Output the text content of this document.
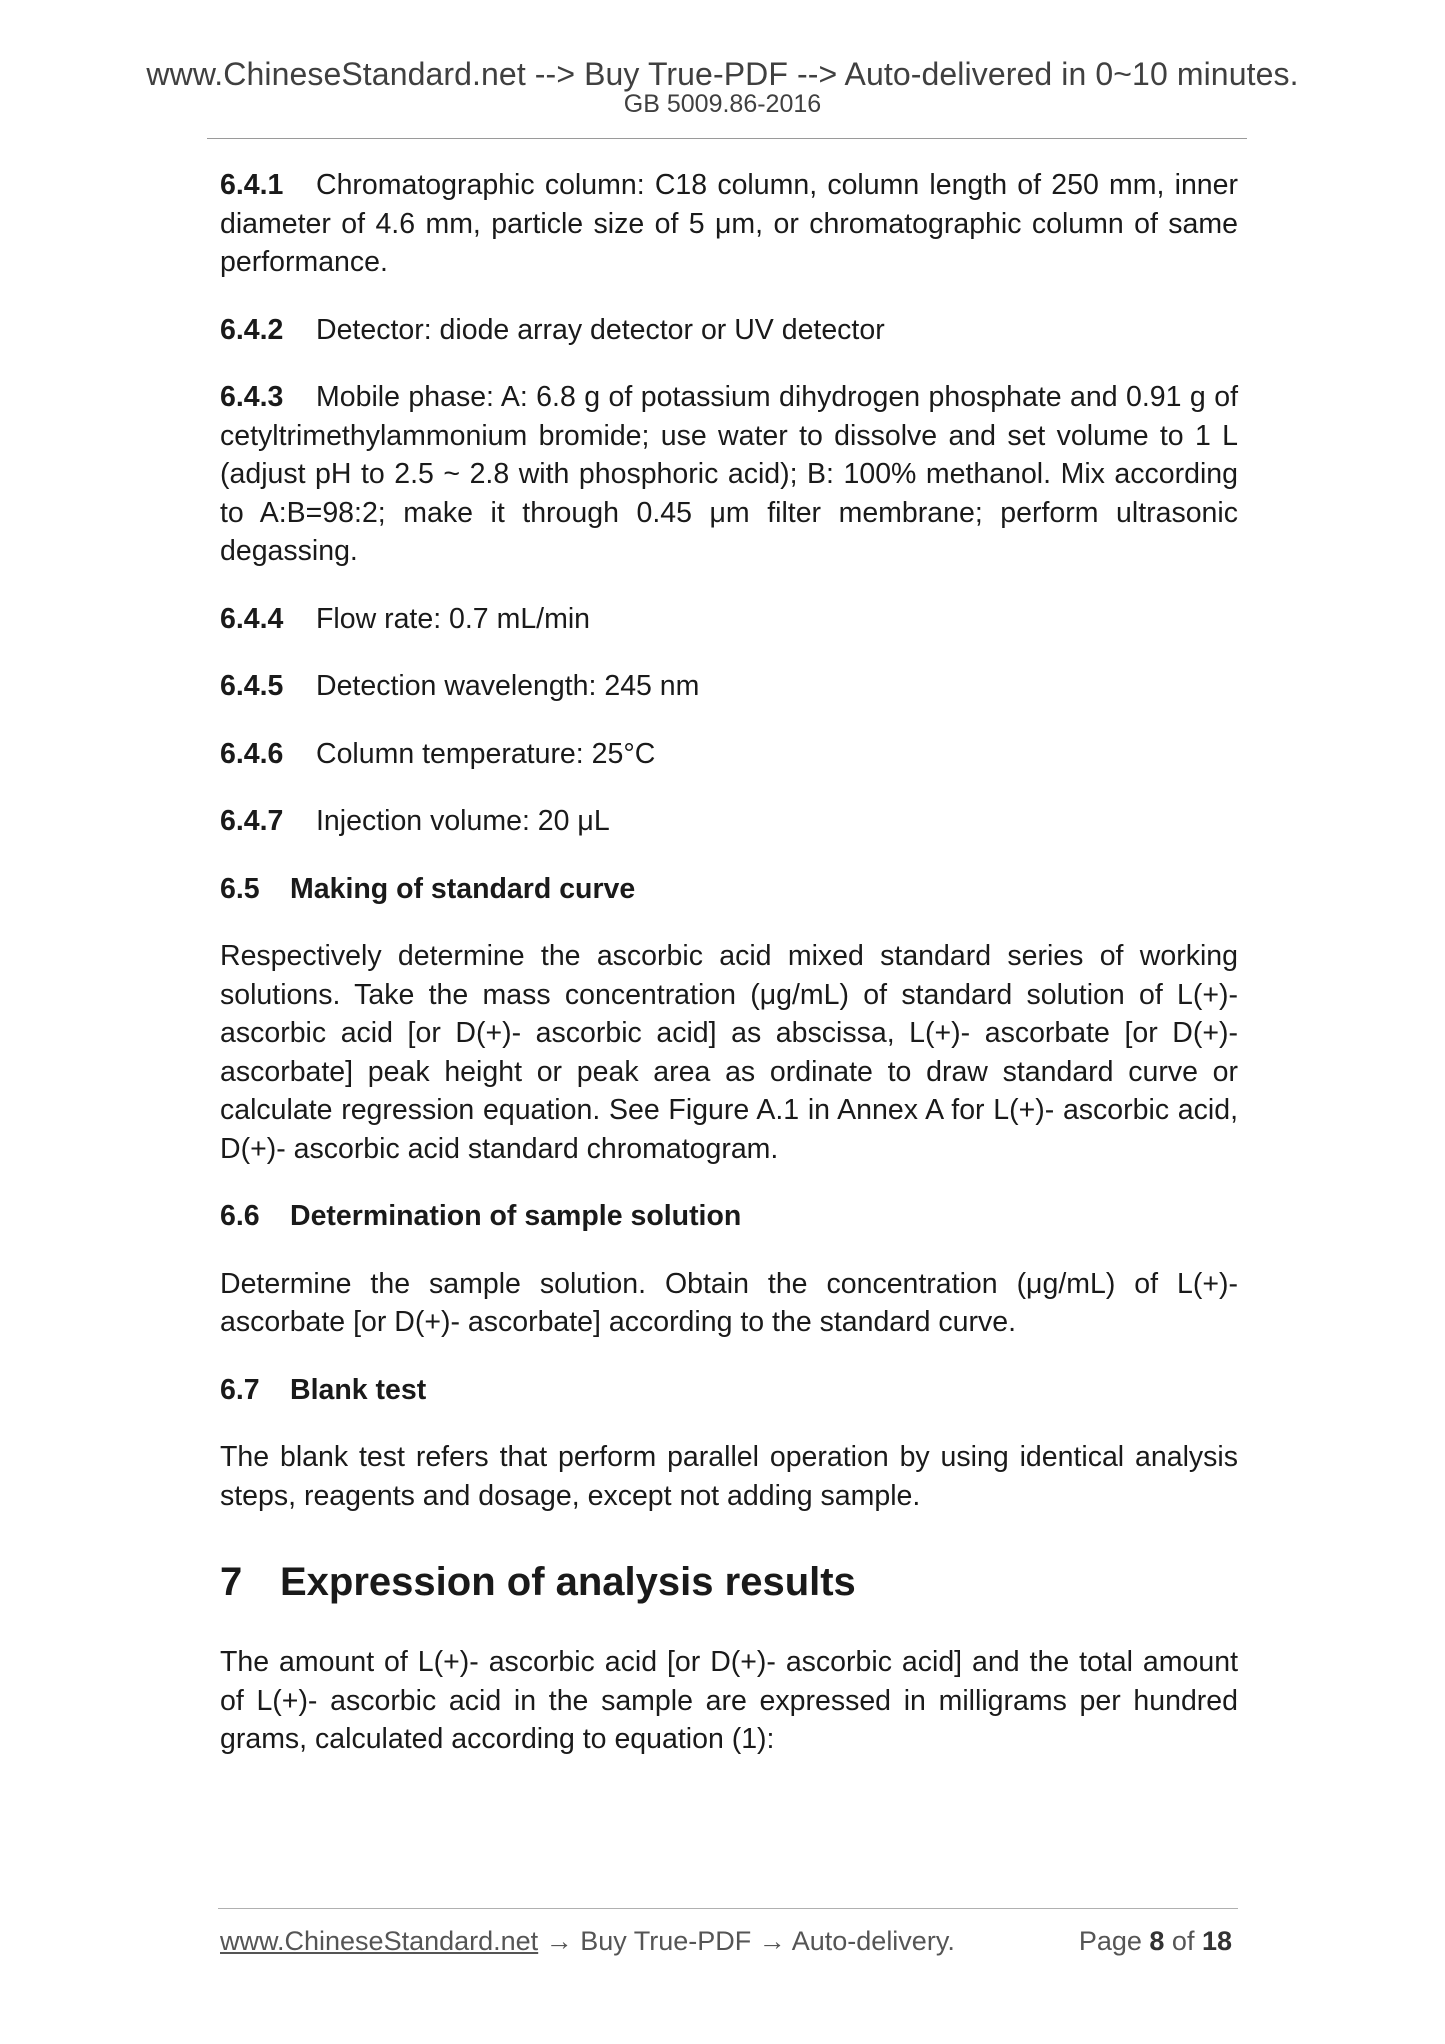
www.ChineseStandard.net --> Buy True-PDF --> Auto-delivered in 0~10 minutes.
GB 5009.86-2016

6.4.1 Chromatographic column: C18 column, column length of 250 mm, inner diameter of 4.6 mm, particle size of 5 μm, or chromatographic column of same performance.

6.4.2 Detector: diode array detector or UV detector

6.4.3 Mobile phase: A: 6.8 g of potassium dihydrogen phosphate and 0.91 g of cetyltrimethylammonium bromide; use water to dissolve and set volume to 1 L (adjust pH to 2.5 ~ 2.8 with phosphoric acid); B: 100% methanol. Mix according to A:B=98:2; make it through 0.45 μm filter membrane; perform ultrasonic degassing.

6.4.4 Flow rate: 0.7 mL/min

6.4.5 Detection wavelength: 245 nm

6.4.6 Column temperature: 25°C

6.4.7 Injection volume: 20 μL

6.5 Making of standard curve

Respectively determine the ascorbic acid mixed standard series of working solutions. Take the mass concentration (μg/mL) of standard solution of L(+)- ascorbic acid [or D(+)- ascorbic acid] as abscissa, L(+)- ascorbate [or D(+)- ascorbate] peak height or peak area as ordinate to draw standard curve or calculate regression equation. See Figure A.1 in Annex A for L(+)- ascorbic acid, D(+)- ascorbic acid standard chromatogram.

6.6 Determination of sample solution

Determine the sample solution. Obtain the concentration (μg/mL) of L(+)- ascorbate [or D(+)- ascorbate] according to the standard curve.

6.7 Blank test

The blank test refers that perform parallel operation by using identical analysis steps, reagents and dosage, except not adding sample.

7 Expression of analysis results

The amount of L(+)- ascorbic acid [or D(+)- ascorbic acid] and the total amount of L(+)- ascorbic acid in the sample are expressed in milligrams per hundred grams, calculated according to equation (1):

www.ChineseStandard.net → Buy True-PDF → Auto-delivery.	Page 8 of 18
